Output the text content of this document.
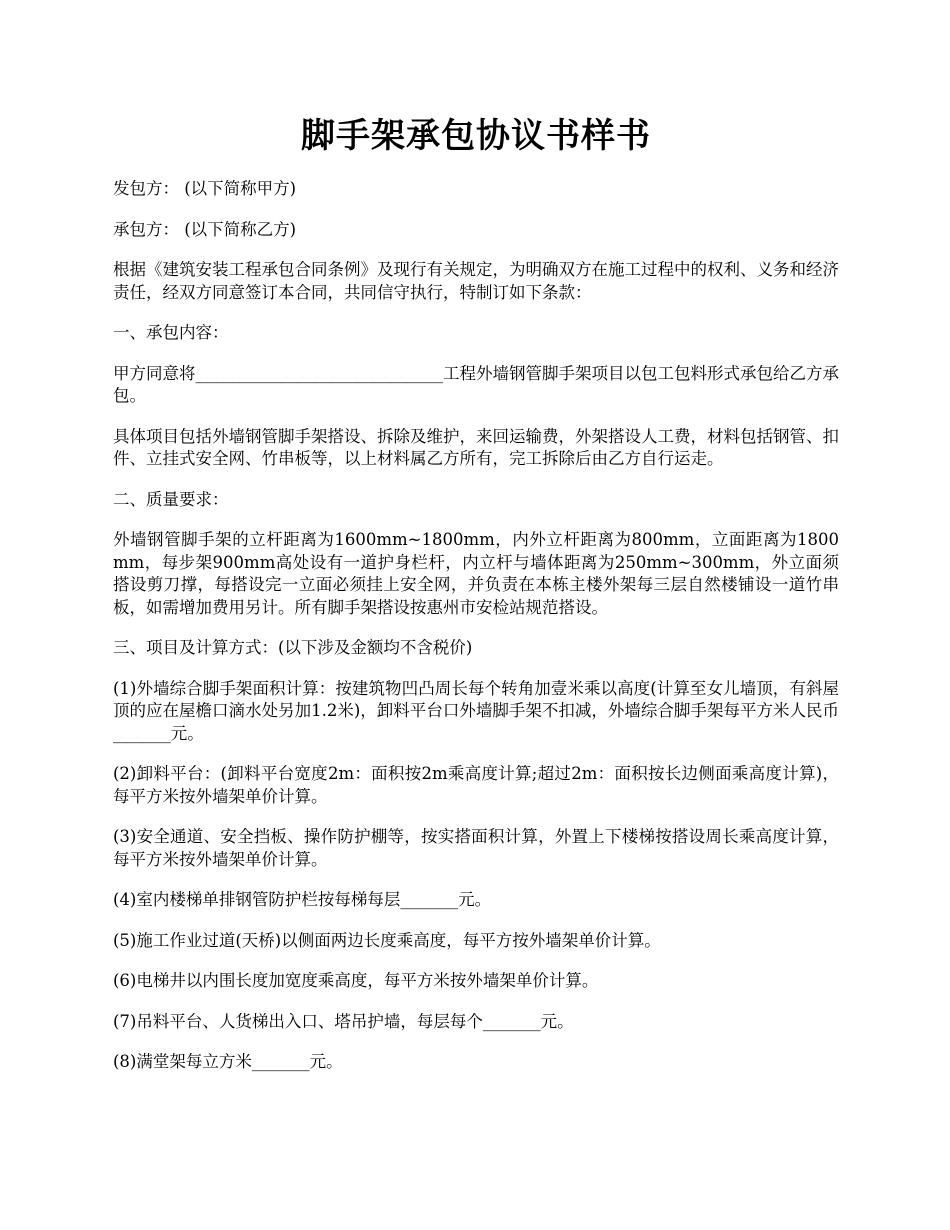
脚手架承包协议书样书

发包方： (以下简称甲方)

承包方： (以下简称乙方)

根据《建筑安装工程承包合同条例》及现行有关规定，为明确双方在施工过程中的权利、义务和经济责任，经双方同意签订本合同，共同信守执行，特制订如下条款：

一、承包内容：

甲方同意将______________________________工程外墙钢管脚手架项目以包工包料形式承包给乙方承包。

具体项目包括外墙钢管脚手架搭设、拆除及维护，来回运输费，外架搭设人工费，材料包括钢管、扣件、立挂式安全网、竹串板等，以上材料属乙方所有，完工拆除后由乙方自行运走。

二、质量要求：

外墙钢管脚手架的立杆距离为1600mm~1800mm，内外立杆距离为800mm，立面距离为1800mm，每步架900mm高处设有一道护身栏杆，内立杆与墙体距离为250mm~300mm，外立面须搭设剪刀撑，每搭设完一立面必须挂上安全网，并负责在本栋主楼外架每三层自然楼铺设一道竹串板，如需增加费用另计。所有脚手架搭设按惠州市安检站规范搭设。

三、项目及计算方式：(以下涉及金额均不含税价)

(1)外墙综合脚手架面积计算：按建筑物凹凸周长每个转角加壹米乘以高度(计算至女儿墙顶，有斜屋顶的应在屋檐口滴水处另加1.2米)，卸料平台口外墙脚手架不扣减，外墙综合脚手架每平方米人民币_______元。

(2)卸料平台：(卸料平台宽度2m：面积按2m乘高度计算;超过2m：面积按长边侧面乘高度计算)，每平方米按外墙架单价计算。

(3)安全通道、安全挡板、操作防护棚等，按实搭面积计算，外置上下楼梯按搭设周长乘高度计算，每平方米按外墙架单价计算。

(4)室内楼梯单排钢管防护栏按每梯每层_______元。

(5)施工作业过道(天桥)以侧面两边长度乘高度，每平方按外墙架单价计算。

(6)电梯井以内围长度加宽度乘高度，每平方米按外墙架单价计算。

(7)吊料平台、人货梯出入口、塔吊护墙，每层每个_______元。

(8)满堂架每立方米_______元。
